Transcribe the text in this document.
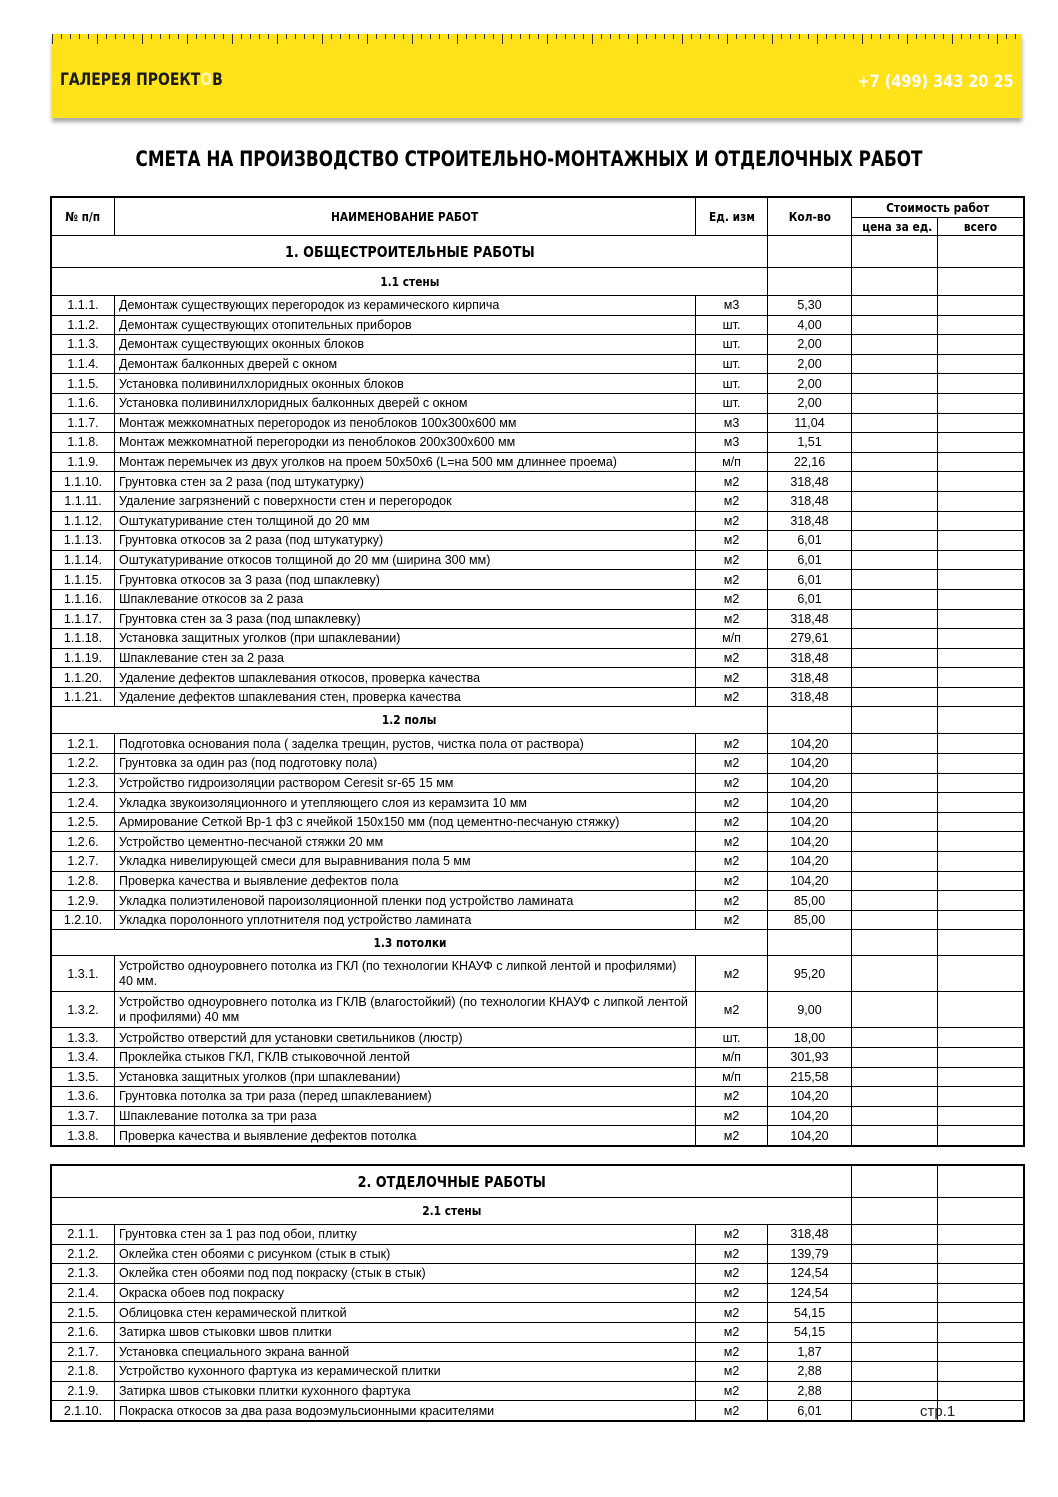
ГАЛЕРЕЯ ПРОЕКТОВ	+7 (499) 343 20 25
СМЕТА НА ПРОИЗВОДСТВО СТРОИТЕЛЬНО-МОНТАЖНЫХ И ОТДЕЛОЧНЫХ РАБОТ
№ п/п	НАИМЕНОВАНИЕ РАБОТ	Ед. изм	Кол-во	Стоимость работ	
				цена за ед.	всего
1. ОБЩЕСТРОИТЕЛЬНЫЕ РАБОТЫ					
1.1 стены					
1.1.1.	Демонтаж существующих перегородок из керамического кирпича	м3	5,30		
1.1.2.	Демонтаж существующих отопительных приборов	шт.	4,00		
1.1.3.	Демонтаж существующих оконных блоков	шт.	2,00		
1.1.4.	Демонтаж балконных дверей с окном	шт.	2,00		
1.1.5.	Установка поливинилхлоридных оконных блоков	шт.	2,00		
1.1.6.	Установка поливинилхлоридных балконных дверей с окном	шт.	2,00		
1.1.7.	Монтаж межкомнатных перегородок из пеноблоков 100х300х600 мм	м3	11,04		
1.1.8.	Монтаж межкомнатной перегородки из пеноблоков 200х300х600 мм	м3	1,51		
1.1.9.	Монтаж перемычек из двух уголков на проем 50х50х6 (L=на 500 мм длиннее проема)	м/п	22,16		
1.1.10.	Грунтовка стен за 2 раза (под штукатурку)	м2	318,48		
1.1.11.	Удаление загрязнений с поверхности стен и перегородок	м2	318,48		
1.1.12.	Оштукатуривание стен толщиной до 20 мм	м2	318,48		
1.1.13.	Грунтовка откосов за 2 раза (под штукатурку)	м2	6,01		
1.1.14.	Оштукатуривание откосов толщиной до 20 мм (ширина 300 мм)	м2	6,01		
1.1.15.	Грунтовка откосов за 3 раза (под шпаклевку)	м2	6,01		
1.1.16.	Шпаклевание откосов за 2 раза	м2	6,01		
1.1.17.	Грунтовка стен за 3 раза (под шпаклевку)	м2	318,48		
1.1.18.	Установка защитных уголков (при шпаклевании)	м/п	279,61		
1.1.19.	Шпаклевание стен за 2 раза	м2	318,48		
1.1.20.	Удаление дефектов шпаклевания откосов, проверка качества	м2	318,48		
1.1.21.	Удаление дефектов шпаклевания стен, проверка качества	м2	318,48		
1.2 полы					
1.2.1.	Подготовка основания пола ( заделка трещин, рустов, чистка пола от раствора)	м2	104,20		
1.2.2.	Грунтовка за один раз (под подготовку пола)	м2	104,20		
1.2.3.	Устройство гидроизоляции раствором Ceresit sr-65 15 мм	м2	104,20		
1.2.4.	Укладка звукоизоляционного и утепляющего слоя из керамзита 10 мм	м2	104,20		
1.2.5.	Армирование Сеткой Вр-1 ф3 с ячейкой 150х150 мм (под цементно-песчаную стяжку)	м2	104,20		
1.2.6.	Устройство цементно-песчаной стяжки 20 мм	м2	104,20		
1.2.7.	Укладка нивелирующей смеси для выравнивания пола 5 мм	м2	104,20		
1.2.8.	Проверка качества и выявление дефектов пола	м2	104,20		
1.2.9.	Укладка полиэтиленовой пароизоляционной пленки под устройство ламината	м2	85,00		
1.2.10.	Укладка поролонного уплотнителя под устройство ламината	м2	85,00		
1.3 потолки					
1.3.1.	Устройство одноуровнего потолка из ГКЛ (по технологии КНАУФ с липкой лентой и профилями) 40 мм.	м2	95,20		
1.3.2.	Устройство одноуровнего потолка из ГКЛВ (влагостойкий) (по технологии КНАУФ с липкой лентой и профилями) 40 мм	м2	9,00		
1.3.3.	Устройство отверстий для установки светильников (люстр)	шт.	18,00		
1.3.4.	Проклейка стыков ГКЛ, ГКЛВ стыковочной лентой	м/п	301,93		
1.3.5.	Установка защитных уголков (при шпаклевании)	м/п	215,58		
1.3.6.	Грунтовка потолка за три раза (перед шпаклеванием)	м2	104,20		
1.3.7.	Шпаклевание потолка за три раза	м2	104,20		
1.3.8.	Проверка качества и выявление дефектов потолка	м2	104,20		
2. ОТДЕЛОЧНЫЕ РАБОТЫ					
2.1 стены					
2.1.1.	Грунтовка стен за 1 раз под обои, плитку	м2	318,48		
2.1.2.	Оклейка стен обоями с рисунком (стык в стык)	м2	139,79		
2.1.3.	Оклейка стен обоями под под покраску (стык в стык)	м2	124,54		
2.1.4.	Окраска обоев под покраску	м2	124,54		
2.1.5.	Облицовка стен керамической плиткой	м2	54,15		
2.1.6.	Затирка швов стыковки швов плитки	м2	54,15		
2.1.7.	Установка специального экрана ванной	м2	1,87		
2.1.8.	Устройство кухонного фартука из керамической плитки	м2	2,88		
2.1.9.	Затирка швов стыковки плитки кухонного фартука	м2	2,88		
2.1.10.	Покраска откосов за два раза водоэмульсионными красителями	м2	6,01			стр.1
